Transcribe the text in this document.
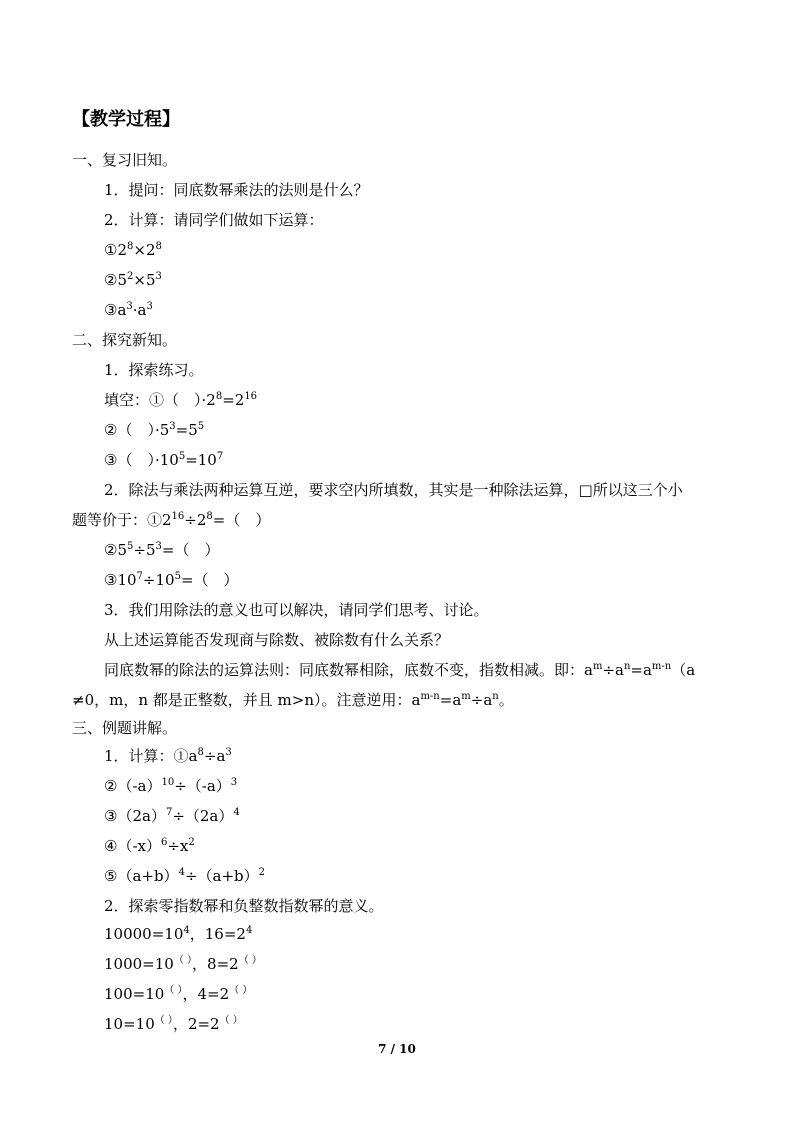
【教学过程】
一、复习旧知。
1．提问：同底数幂乘法的法则是什么？
2．计算：请同学们做如下运算：
$①2^8\times 2^8$
$②5^2\times 5^3$
$③a^3\cdot a^3$
二、探究新知。
1．探索练习。
填空：①（　）$\cdot 2^8=2^{16}$
②（　）$\cdot 5^3=5^5$
③（　）$\cdot 10^5=10^7$
2．除法与乘法两种运算互逆，要求空内所填数，其实是一种除法运算，□所以这三个小
题等价于：$①2^{16}\div 2^8=$（　）
$②5^5\div 5^3=$（　）
$③10^7\div 10^5=$（　）
3．我们用除法的意义也可以解决，请同学们思考、讨论。
从上述运算能否发现商与除数、被除数有什么关系？
同底数幂的除法的运算法则：同底数幂相除，底数不变，指数相减。即：$a^m\div a^n=a^{m-n}(a$
≠0，m，n 都是正整数，并且 m>n）。注意逆用：$a^{m-n}=a^m\div a^n$。
三、例题讲解。
1．计算：$①a^8\div a^3$
$②(-a)^{10}\div(-a)^3$
$③(2a)^7\div(2a)^4$
$④(-x)^6\div x^2$
$⑤(a+b)^4\div(a+b)^2$
2．探索零指数幂和负整数指数幂的意义。
$10000=10^4$，$16=2^4$
1000=10（ ），8=2（ ）
100=10（ ），4=2（ ）
10=10（ ），2=2（ ）
7 / 10
